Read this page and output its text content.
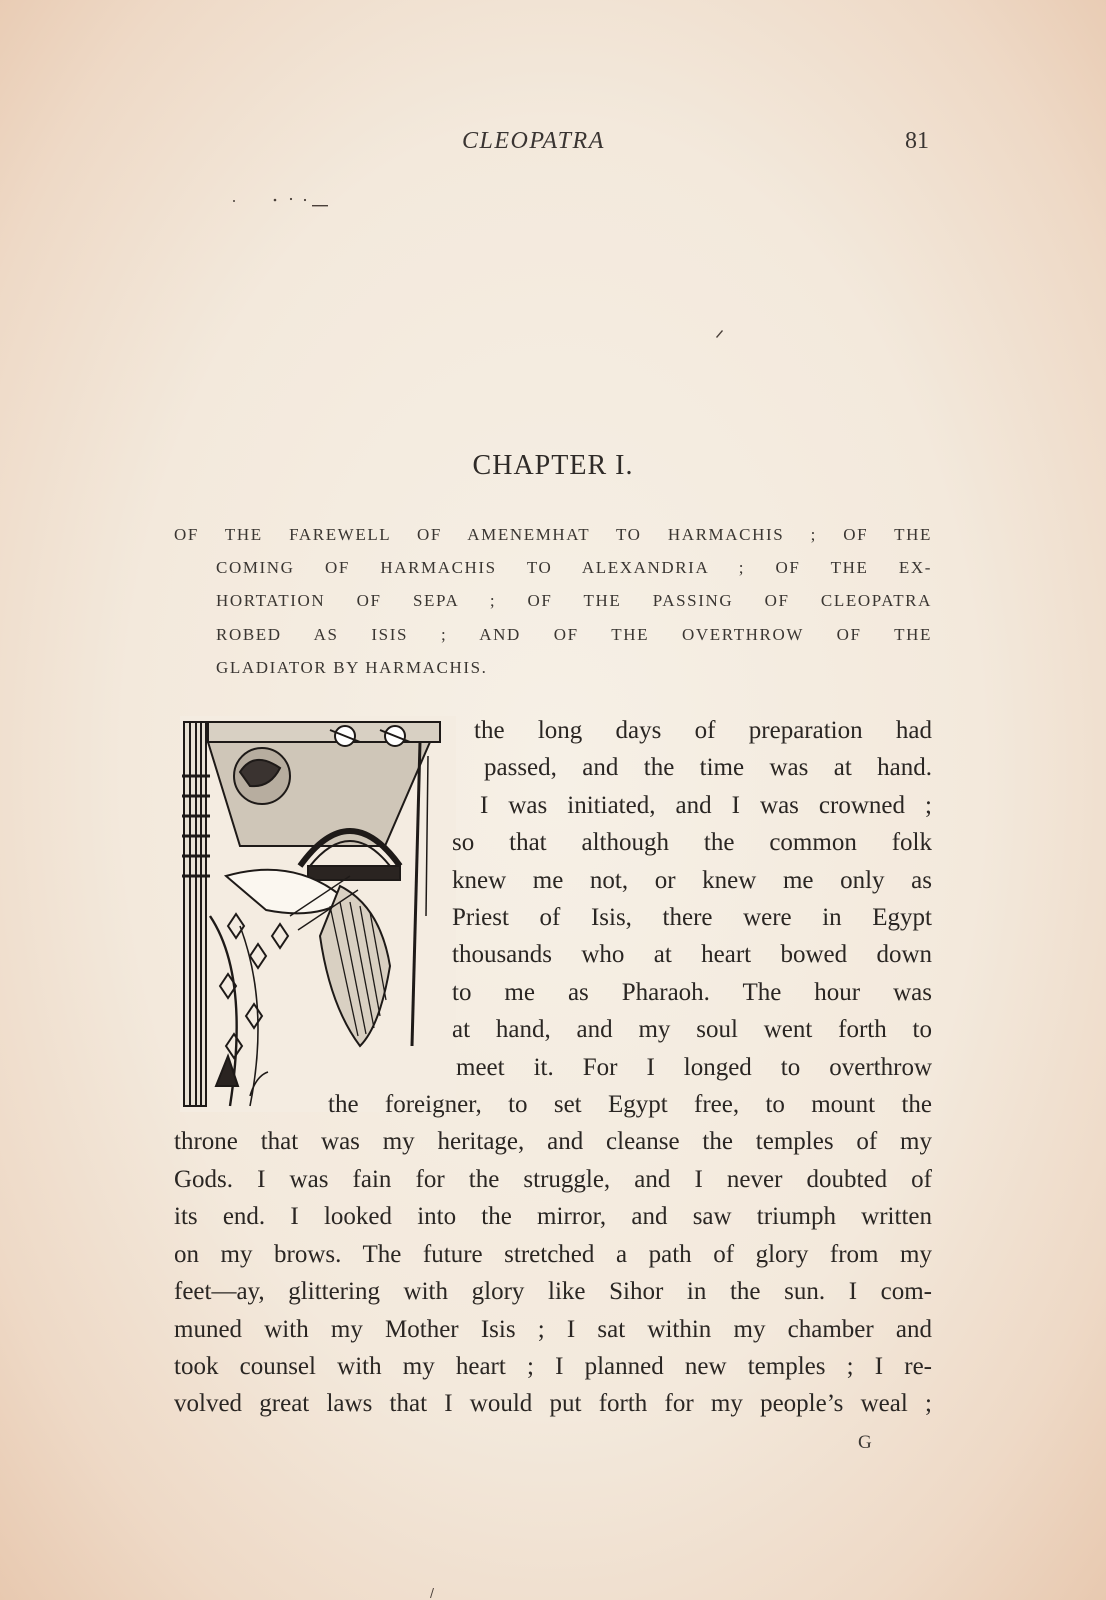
CLEOPATRA	81
CHAPTER I.
OF THE FAREWELL OF AMENEMHAT TO HARMACHIS ; OF THE
COMING OF HARMACHIS TO ALEXANDRIA ; OF THE EX-
HORTATION OF SEPA ; OF THE PASSING OF CLEOPATRA
ROBED AS ISIS ; AND OF THE OVERTHROW OF THE
GLADIATOR BY HARMACHIS.
the long days of preparation had
passed, and the time was at hand.
I was initiated, and I was crowned ;
so that although the common folk
knew me not, or knew me only as
Priest of Isis, there were in Egypt
thousands who at heart bowed down
to me as Pharaoh. The hour was
at hand, and my soul went forth to
meet it. For I longed to overthrow
the foreigner, to set Egypt free, to mount the
throne that was my heritage, and cleanse the temples of my
Gods. I was fain for the struggle, and I never doubted of
its end. I looked into the mirror, and saw triumph written
on my brows. The future stretched a path of glory from my
feet—ay, glittering with glory like Sihor in the sun. I com-
muned with my Mother Isis ; I sat within my chamber and
took counsel with my heart ; I planned new temples ; I re-
volved great laws that I would put forth for my people’s weal ;
G
